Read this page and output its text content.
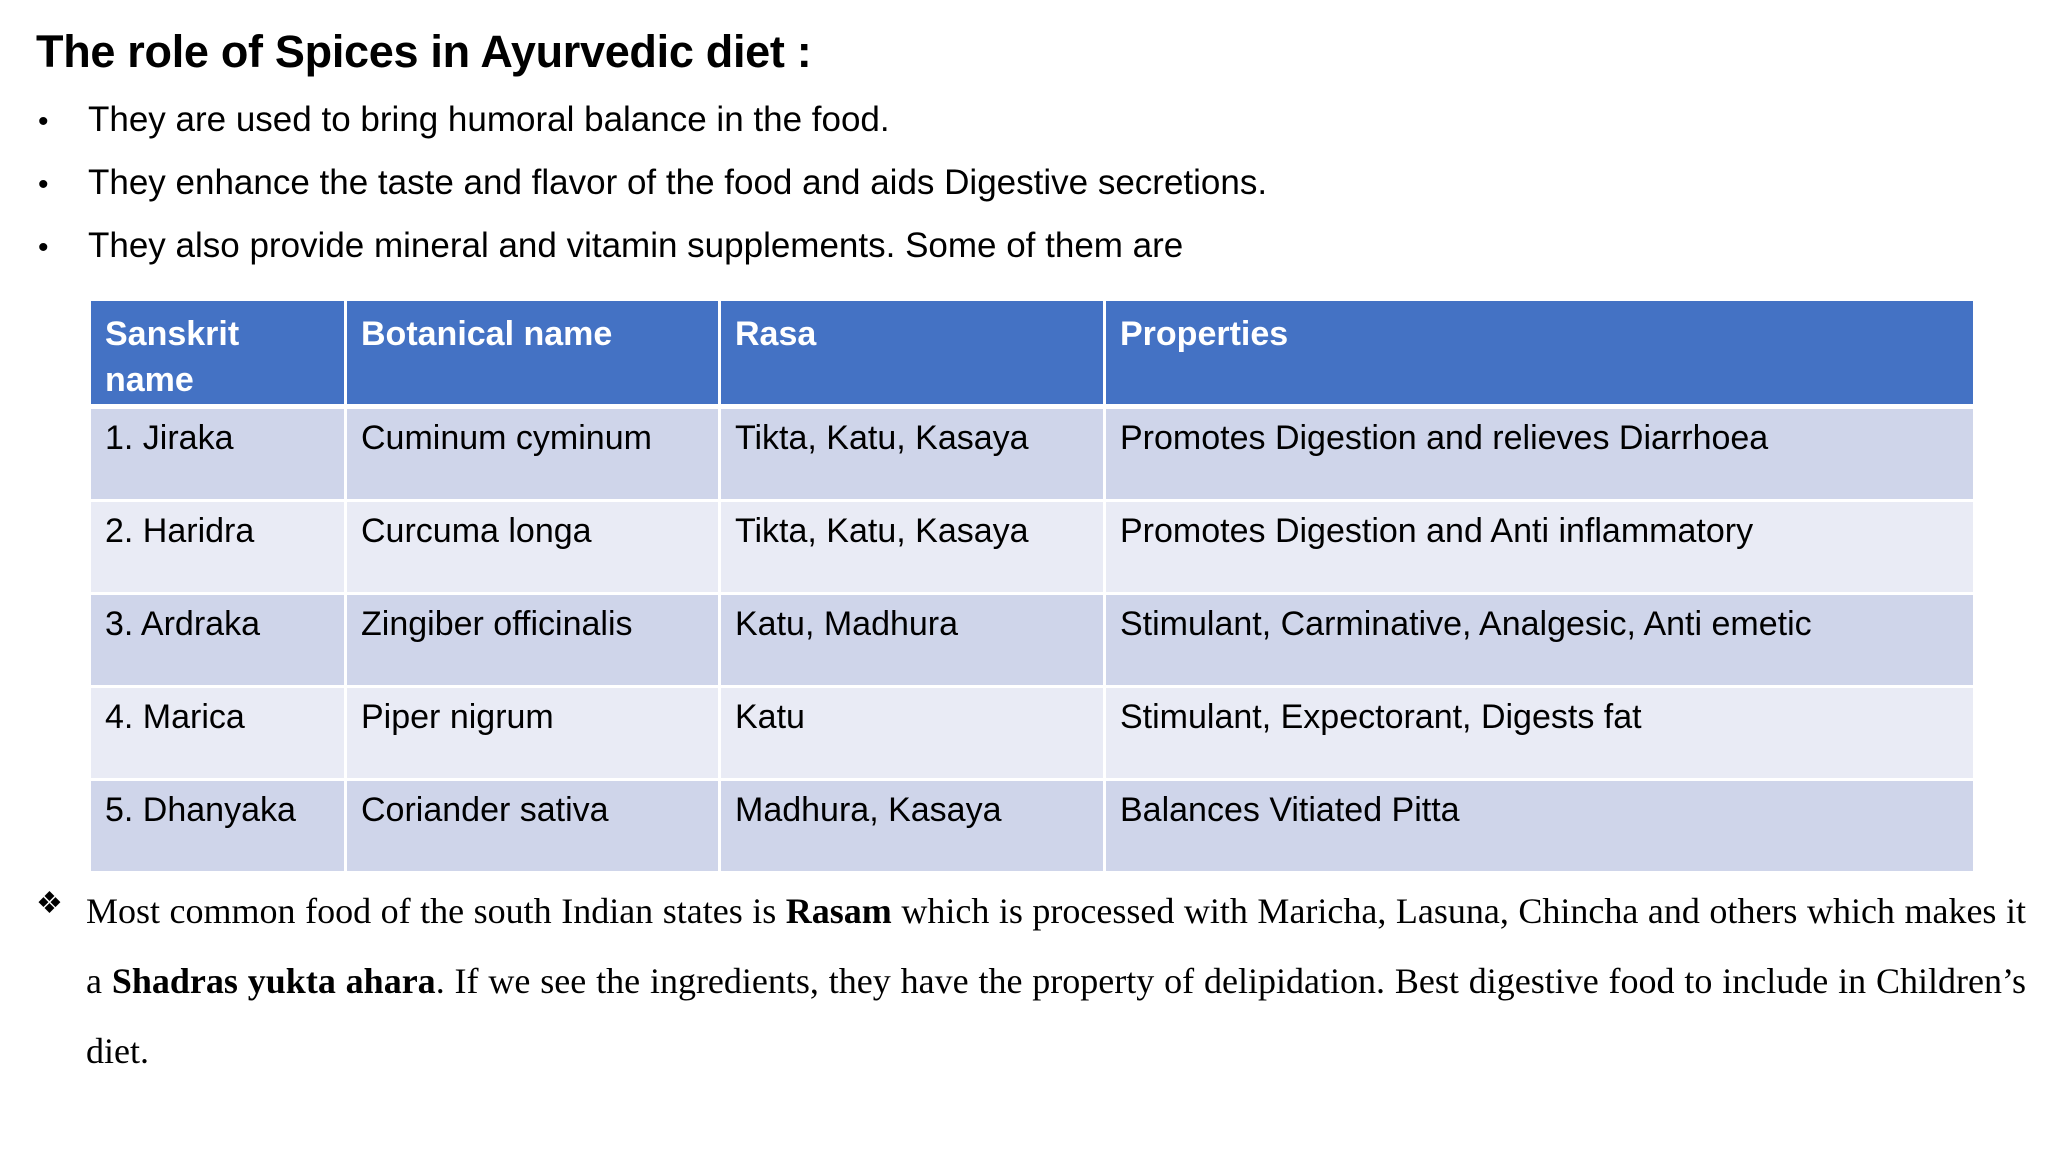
The role of Spices in Ayurvedic diet :
•	They are used to bring humoral balance in the food.
•	They enhance the taste and flavor of the food and aids Digestive secretions.
•	They also provide mineral and vitamin supplements. Some of them are
Sanskrit name	Botanical name	Rasa	Properties
1. Jiraka	Cuminum cyminum	Tikta, Katu, Kasaya	Promotes Digestion and relieves Diarrhoea
2. Haridra	Curcuma longa	Tikta, Katu, Kasaya	Promotes Digestion and Anti inflammatory
3. Ardraka	Zingiber officinalis	Katu, Madhura	Stimulant, Carminative, Analgesic, Anti emetic
4. Marica	Piper nigrum	Katu	Stimulant, Expectorant, Digests fat
5. Dhanyaka	Coriander sativa	Madhura, Kasaya	Balances Vitiated Pitta
❖ Most common food of the south Indian states is Rasam which is processed with Maricha, Lasuna, Chincha and others which makes it a Shadras yukta ahara. If we see the ingredients, they have the property of delipidation. Best digestive food to include in Children’s diet.
